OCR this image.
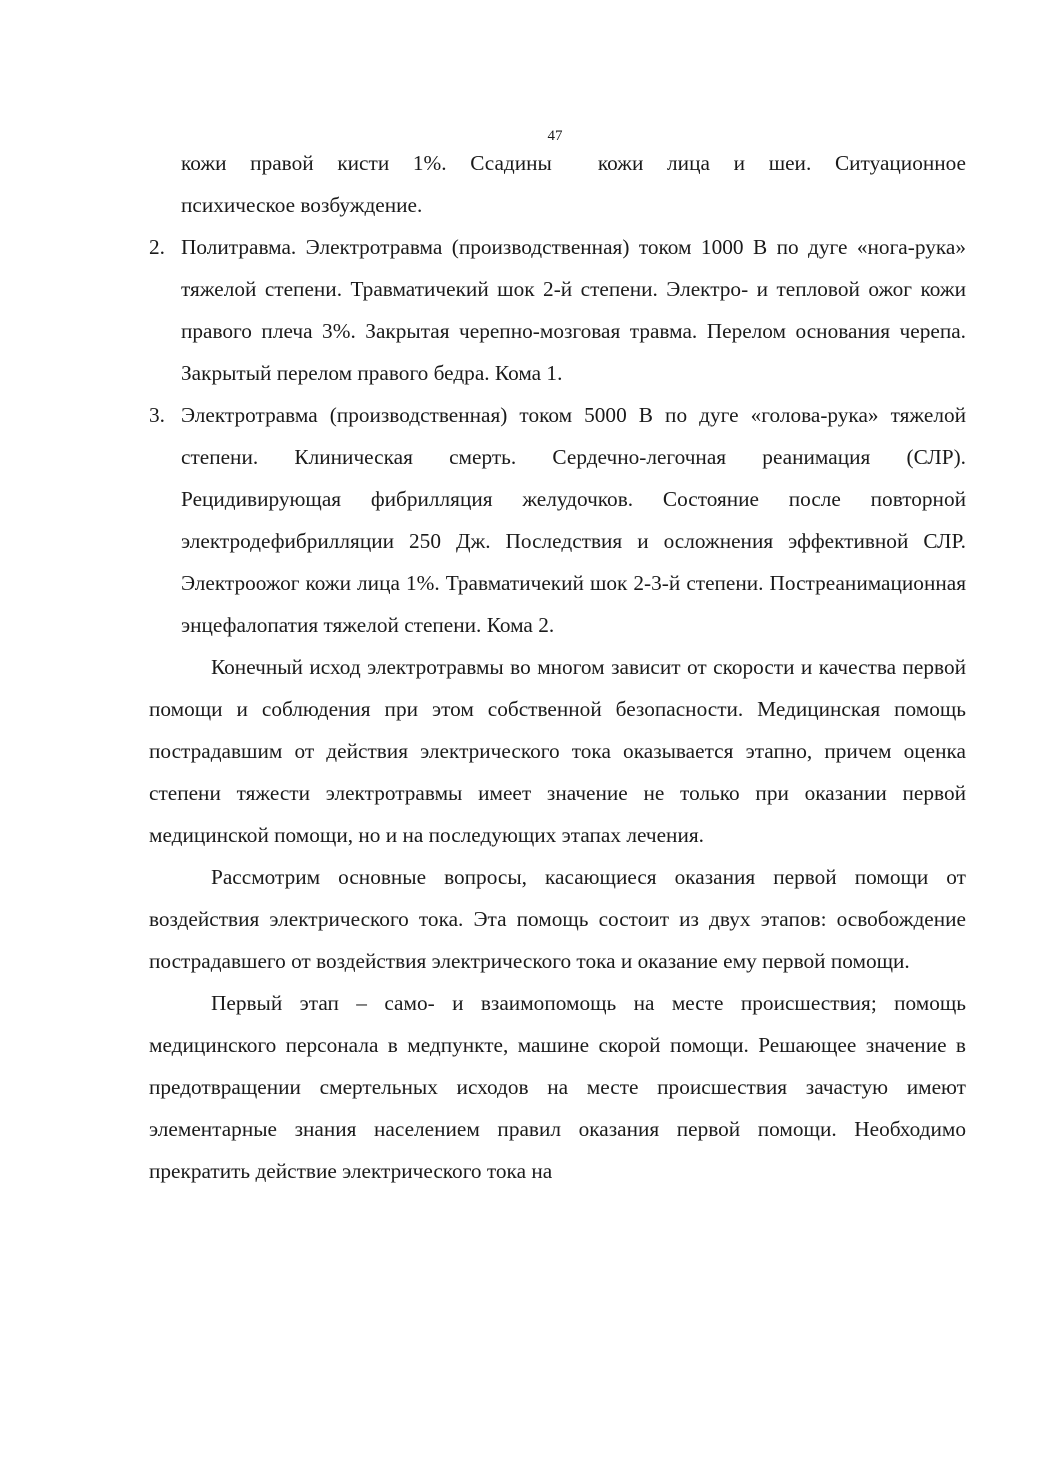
47
кожи правой кисти 1%. Ссадины кожи лица и шеи. Ситуационное
психическое возбуждение.
2. Политравма. Электротравма (производственная) током 1000 В по дуге «нога-рука» тяжелой степени. Травматичекий шок 2-й степени. Электро- и тепловой ожог кожи правого плеча 3%. Закрытая черепно-мозговая травма. Перелом основания черепа. Закрытый перелом правого бедра. Кома 1.
3. Электротравма (производственная) током 5000 В по дуге «голова-рука» тяжелой степени. Клиническая смерть. Сердечно-легочная реанимация (СЛР). Рецидивирующая фибрилляция желудочков. Состояние после повторной электродефибрилляции 250 Дж. Последствия и осложнения эффективной СЛР. Электроожог кожи лица 1%. Травматичекий шок 2-3-й степени. Постреанимационная энцефалопатия тяжелой степени. Кома 2.

Конечный исход электротравмы во многом зависит от скорости и качества первой помощи и соблюдения при этом собственной безопасности. Медицинская помощь пострадавшим от действия электрического тока оказывается этапно, причем оценка степени тяжести электротравмы имеет значение не только при оказании первой медицинской помощи, но и на последующих этапах лечения.

Рассмотрим основные вопросы, касающиеся оказания первой помощи от воздействия электрического тока. Эта помощь состоит из двух этапов: освобождение пострадавшего от воздействия электрического тока и оказание ему первой помощи.

Первый этап – само- и взаимопомощь на месте происшествия; помощь медицинского персонала в медпункте, машине скорой помощи. Решающее значение в предотвращении смертельных исходов на месте происшествия зачастую имеют элементарные знания населением правил оказания первой помощи. Необходимо прекратить действие электрического тока на
